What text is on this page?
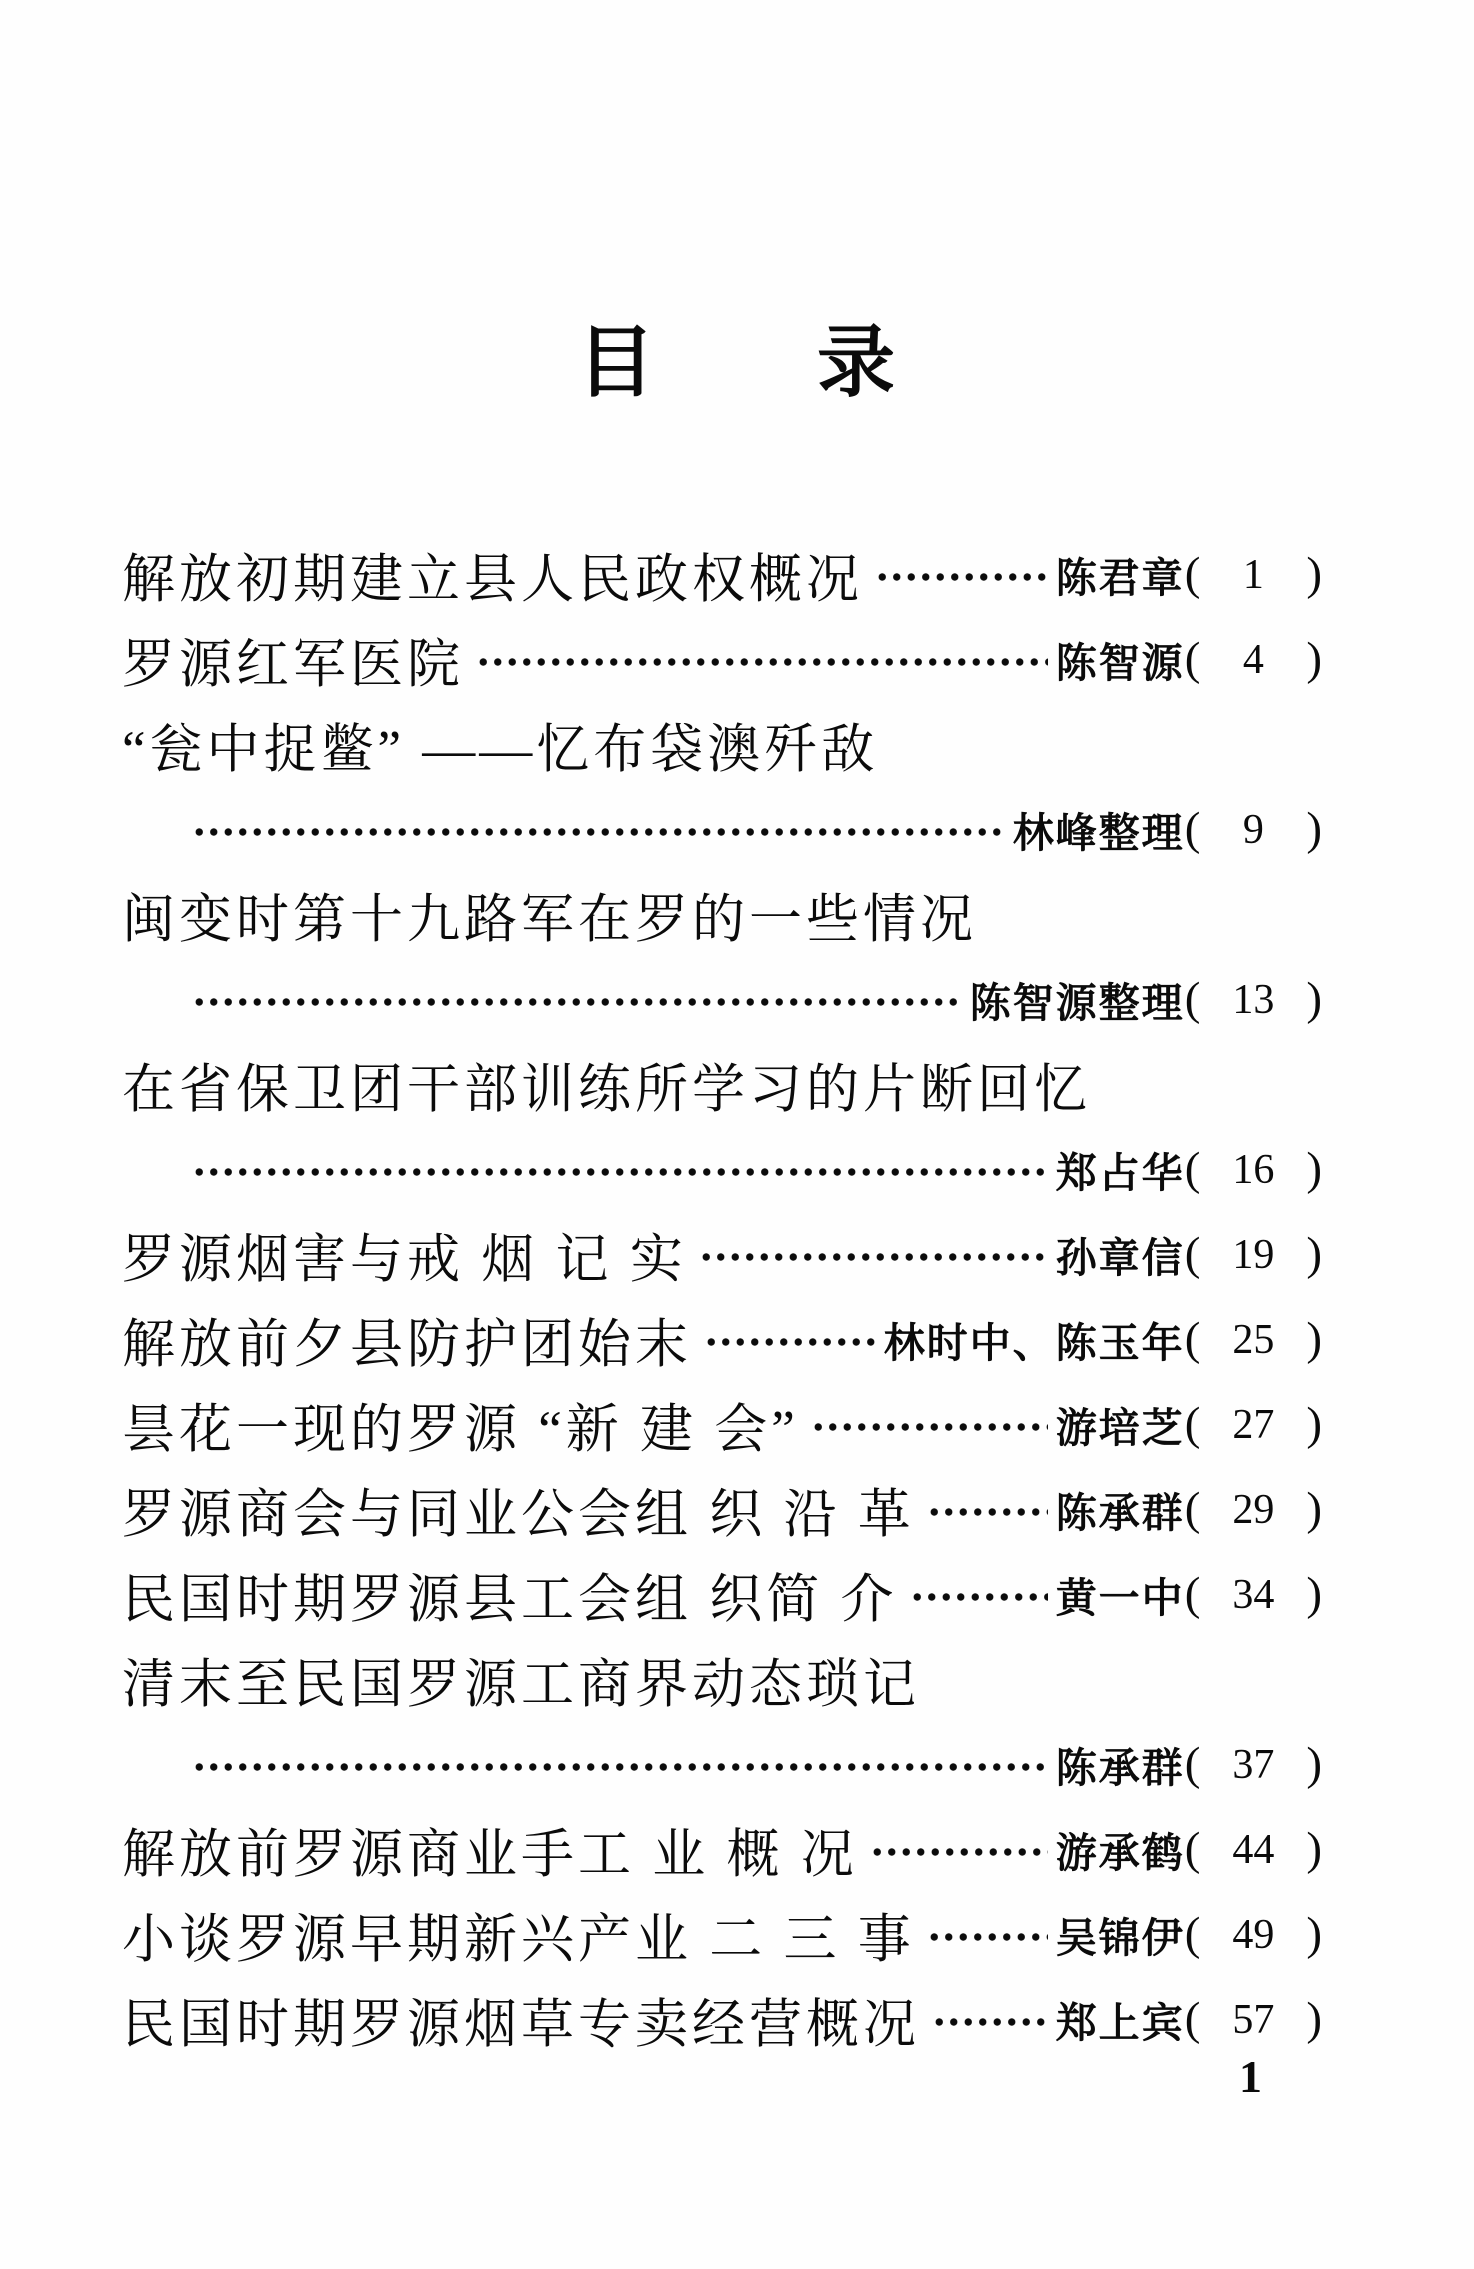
目　　录
解放初期建立县人民政权概况	陈君章 (	1 )
罗源红军医院	陈智源 (	4 )
“瓮中捉鳖” ——忆布袋澳歼敌
林峰整理 (	9 )
闽变时第十九路军在罗的一些情况
陈智源整理 ( 13 )
在省保卫团干部训练所学习的片断回忆
郑占华 ( 16 )
罗源烟害与戒 烟 记 实	孙章信 ( 19 )
解放前夕县防护团始末	林时中、陈玉年 ( 25 )
昙花一现的罗源 “新 建 会”	游培芝 ( 27 )
罗源商会与同业公会组 织 沿 革	陈承群 ( 29 )
民国时期罗源县工会组 织简 介	黄一中 ( 34 )
清末至民国罗源工商界动态琐记
陈承群 ( 37 )
解放前罗源商业手工 业 概 况	游承鹤 ( 44 )
小谈罗源早期新兴产业 二 三 事	吴锦伊 ( 49 )
民国时期罗源烟草专卖经营概况	郑上宾 ( 57 )
1
